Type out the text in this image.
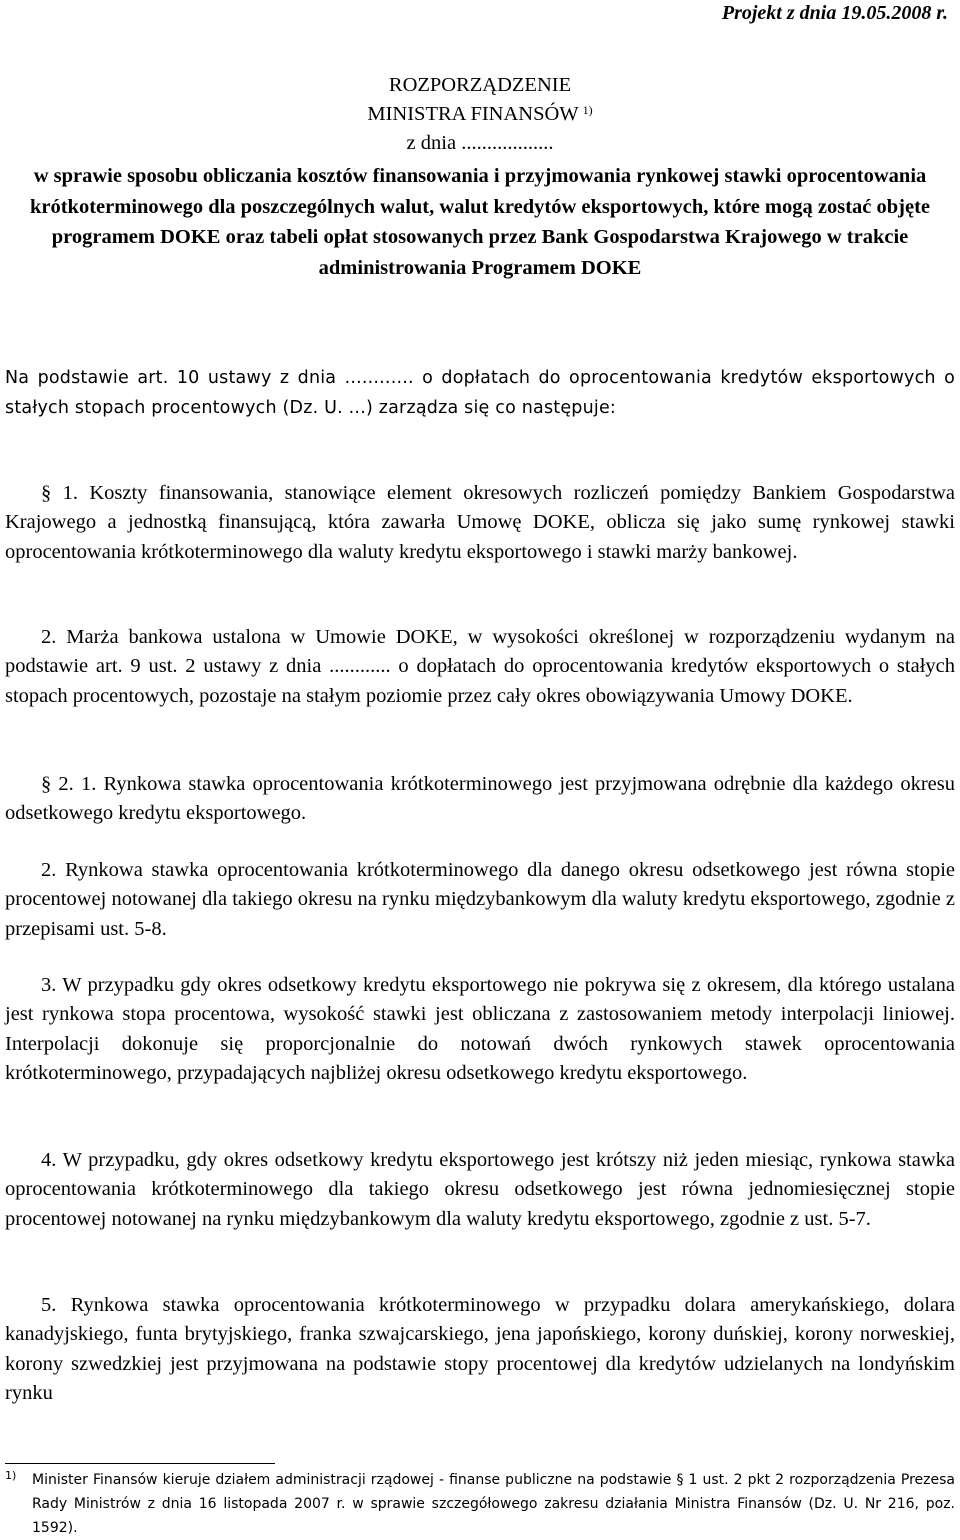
Projekt z dnia 19.05.2008 r.
ROZPORZĄDZENIE
MINISTRA FINANSÓW $^{1)}$
z dnia ..................
w sprawie sposobu obliczania kosztów finansowania i przyjmowania rynkowej stawki oprocentowania krótkoterminowego dla poszczególnych walut, walut kredytów eksportowych, które mogą zostać objęte programem DOKE oraz tabeli opłat stosowanych przez Bank Gospodarstwa Krajowego w trakcie administrowania Programem DOKE
Na podstawie art. 10 ustawy z dnia ............ o dopłatach do oprocentowania kredytów eksportowych o stałych stopach procentowych (Dz. U. ...) zarządza się co następuje:
§ 1. Koszty finansowania, stanowiące element okresowych rozliczeń pomiędzy Bankiem Gospodarstwa Krajowego a jednostką finansującą, która zawarła Umowę DOKE, oblicza się jako sumę rynkowej stawki oprocentowania krótkoterminowego dla waluty kredytu eksportowego i stawki marży bankowej.
2. Marża bankowa ustalona w Umowie DOKE, w wysokości określonej w rozporządzeniu wydanym na podstawie art. 9 ust. 2 ustawy z dnia ............ o dopłatach do oprocentowania kredytów eksportowych o stałych stopach procentowych, pozostaje na stałym poziomie przez cały okres obowiązywania Umowy DOKE.
§ 2. 1. Rynkowa stawka oprocentowania krótkoterminowego jest przyjmowana odrębnie dla każdego okresu odsetkowego kredytu eksportowego.
2. Rynkowa stawka oprocentowania krótkoterminowego dla danego okresu odsetkowego jest równa stopie procentowej notowanej dla takiego okresu na rynku międzybankowym dla waluty kredytu eksportowego, zgodnie z przepisami ust. 5-8.
3. W przypadku gdy okres odsetkowy kredytu eksportowego nie pokrywa się z okresem, dla którego ustalana jest rynkowa stopa procentowa, wysokość stawki jest obliczana z zastosowaniem metody interpolacji liniowej. Interpolacji dokonuje się proporcjonalnie do notowań dwóch rynkowych stawek oprocentowania krótkoterminowego, przypadających najbliżej okresu odsetkowego kredytu eksportowego.
4. W przypadku, gdy okres odsetkowy kredytu eksportowego jest krótszy niż jeden miesiąc, rynkowa stawka oprocentowania krótkoterminowego dla takiego okresu odsetkowego jest równa jednomiesięcznej stopie procentowej notowanej na rynku międzybankowym dla waluty kredytu eksportowego, zgodnie z ust. 5-7.
5. Rynkowa stawka oprocentowania krótkoterminowego w przypadku dolara amerykańskiego, dolara kanadyjskiego, funta brytyjskiego, franka szwajcarskiego, jena japońskiego, korony duńskiej, korony norweskiej, korony szwedzkiej jest przyjmowana na podstawie stopy procentowej dla kredytów udzielanych na londyńskim rynku
1) Minister Finansów kieruje działem administracji rządowej - finanse publiczne na podstawie § 1 ust. 2 pkt 2 rozporządzenia Prezesa Rady Ministrów z dnia 16 listopada 2007 r. w sprawie szczegółowego zakresu działania Ministra Finansów (Dz. U. Nr 216, poz. 1592).
